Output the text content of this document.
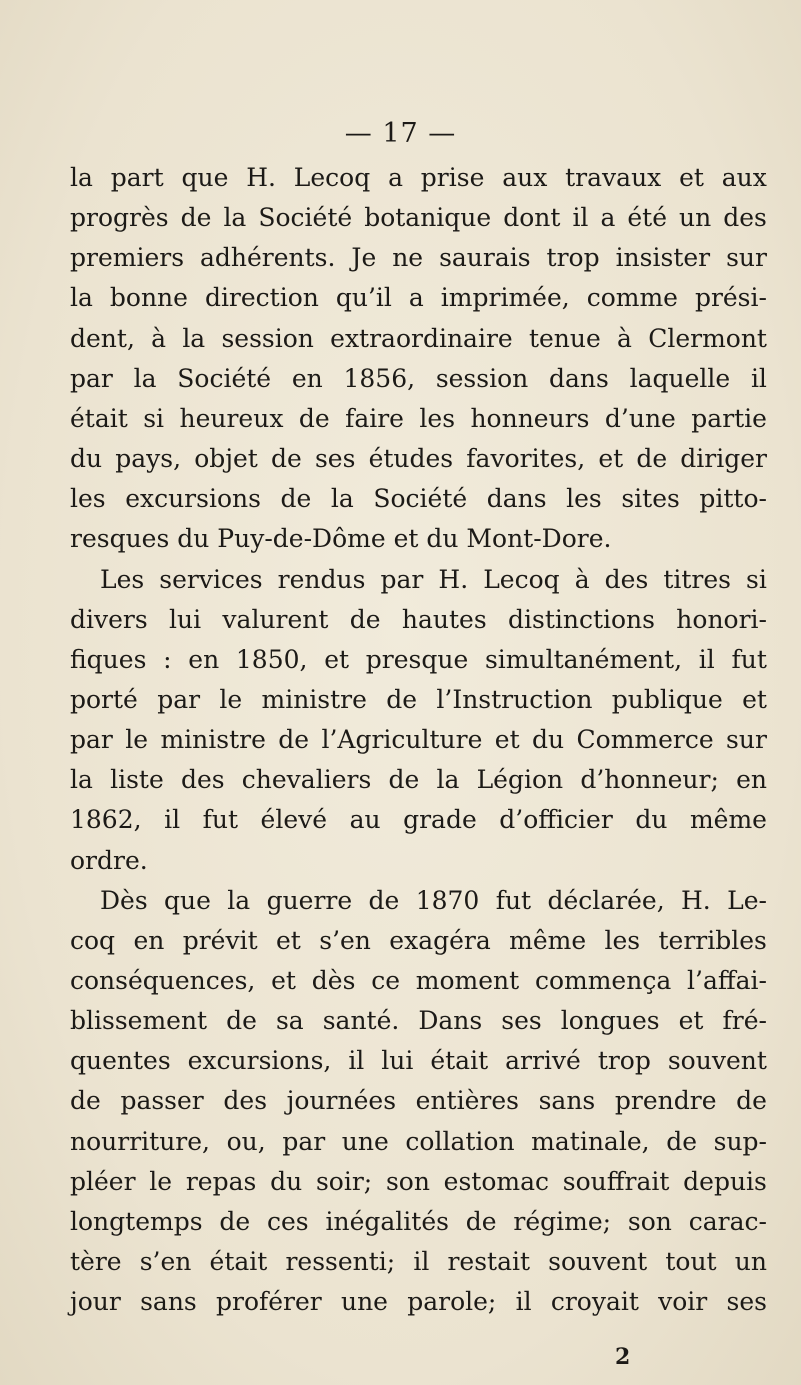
— 17 —
la part que H. Lecoq a prise aux travaux et aux
progrès de la Société botanique dont il a été un des
premiers adhérents. Je ne saurais trop insister sur
la bonne direction qu’il a imprimée, comme prési-
dent, à la session extraordinaire tenue à Clermont
par la Société en 1856, session dans laquelle il
était si heureux de faire les honneurs d’une partie
du pays, objet de ses études favorites, et de diriger
les excursions de la Société dans les sites pitto-
resques du Puy-de-Dôme et du Mont-Dore.
Les services rendus par H. Lecoq à des titres si
divers lui valurent de hautes distinctions honori-
fiques : en 1850, et presque simultanément, il fut
porté par le ministre de l’Instruction publique et
par le ministre de l’Agriculture et du Commerce sur
la liste des chevaliers de la Légion d’honneur; en
1862, il fut élevé au grade d’officier du même
ordre.
Dès que la guerre de 1870 fut déclarée, H. Le-
coq en prévit et s’en exagéra même les terribles
conséquences, et dès ce moment commença l’affai-
blissement de sa santé. Dans ses longues et fré-
quentes excursions, il lui était arrivé trop souvent
de passer des journées entières sans prendre de
nourriture, ou, par une collation matinale, de sup-
pléer le repas du soir; son estomac souffrait depuis
longtemps de ces inégalités de régime; son carac-
tère s’en était ressenti; il restait souvent tout un
jour sans proférer une parole; il croyait voir ses
2
